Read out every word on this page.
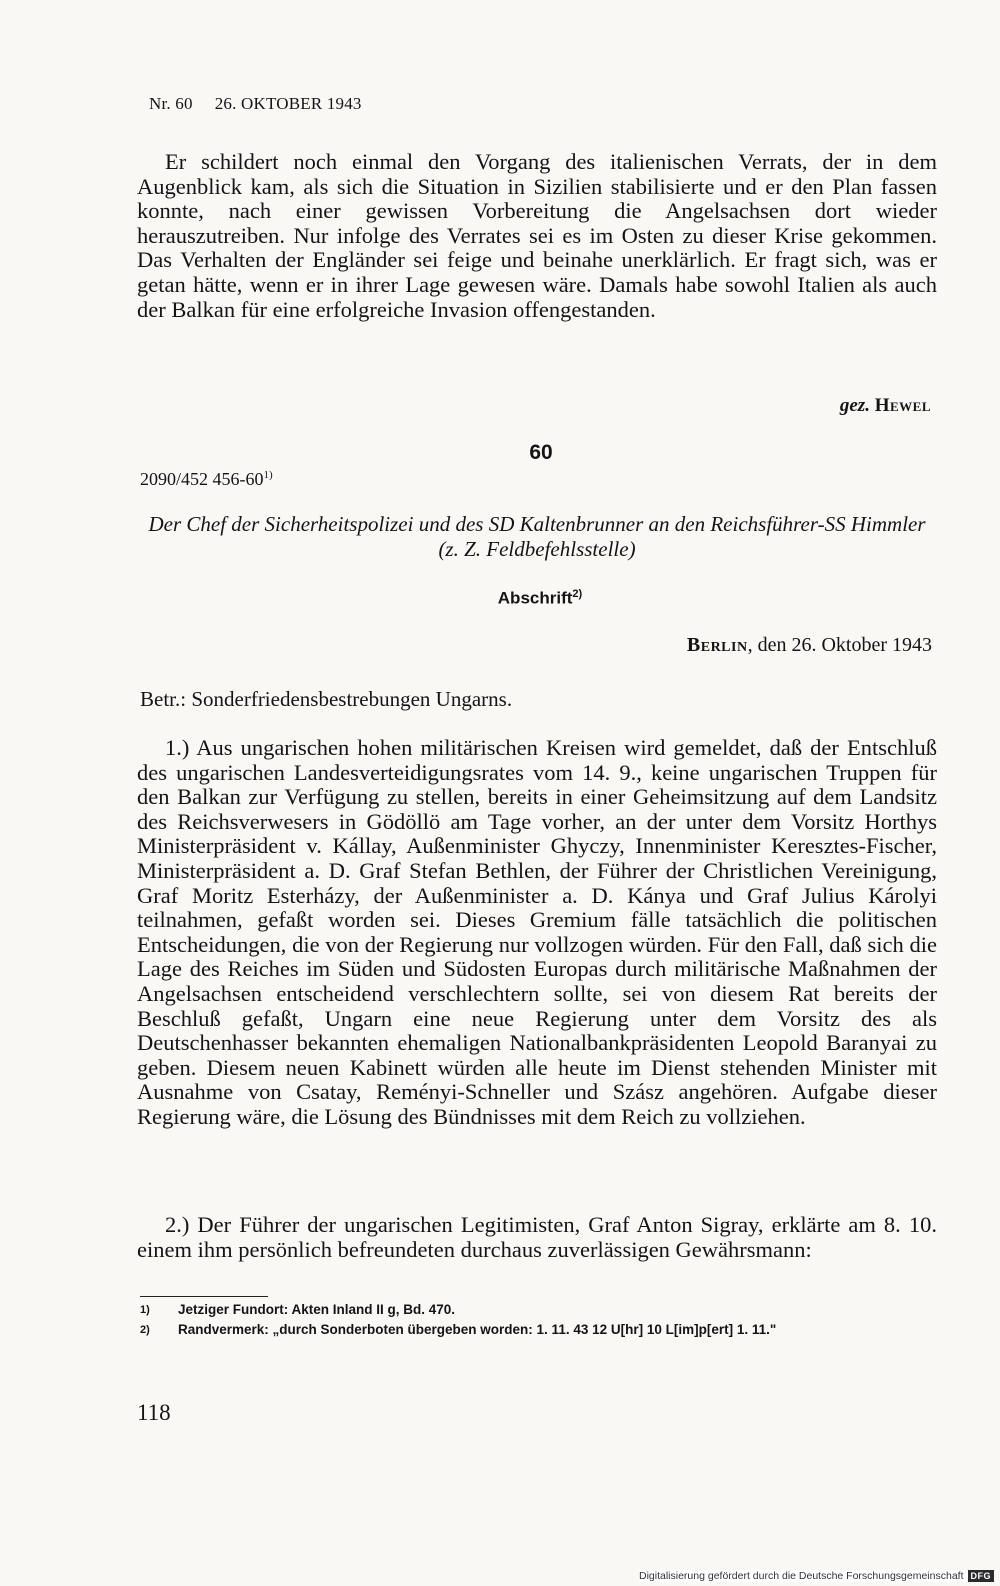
Nr. 60 26. OKTOBER 1943
Er schildert noch einmal den Vorgang des italienischen Verrats, der in dem Augenblick kam, als sich die Situation in Sizilien stabilisierte und er den Plan fassen konnte, nach einer gewissen Vorbereitung die Angelsachsen dort wieder herauszutreiben. Nur infolge des Verrates sei es im Osten zu dieser Krise gekommen. Das Verhalten der Engländer sei feige und beinahe unerklärlich. Er fragt sich, was er getan hätte, wenn er in ihrer Lage gewesen wäre. Damals habe sowohl Italien als auch der Balkan für eine erfolgreiche Invasion offengestanden.
gez. Hewel
60
2090/452 456-60$^{1)}$
Der Chef der Sicherheitspolizei und des SD Kaltenbrunner an den Reichsführer-SS Himmler (z. Z. Feldbefehlsstelle)
Abschrift$^{2)}$
Berlin, den 26. Oktober 1943
Betr.: Sonderfriedensbestrebungen Ungarns.
1.) Aus ungarischen hohen militärischen Kreisen wird gemeldet, daß der Entschluß des ungarischen Landesverteidigungsrates vom 14. 9., keine ungarischen Truppen für den Balkan zur Verfügung zu stellen, bereits in einer Geheimsitzung auf dem Landsitz des Reichsverwesers in Gödöllö am Tage vorher, an der unter dem Vorsitz Horthys Ministerpräsident v. Kállay, Außenminister Ghyczy, Innenminister Keresztes-Fischer, Ministerpräsident a. D. Graf Stefan Bethlen, der Führer der Christlichen Vereinigung, Graf Moritz Esterházy, der Außenminister a. D. Kánya und Graf Julius Károlyi teilnahmen, gefaßt worden sei. Dieses Gremium fälle tatsächlich die politischen Entscheidungen, die von der Regierung nur vollzogen würden. Für den Fall, daß sich die Lage des Reiches im Süden und Südosten Europas durch militärische Maßnahmen der Angelsachsen entscheidend verschlechtern sollte, sei von diesem Rat bereits der Beschluß gefaßt, Ungarn eine neue Regierung unter dem Vorsitz des als Deutschenhasser bekannten ehemaligen Nationalbankpräsidenten Leopold Baranyai zu geben. Diesem neuen Kabinett würden alle heute im Dienst stehenden Minister mit Ausnahme von Csatay, Reményi-Schneller und Szász angehören. Aufgabe dieser Regierung wäre, die Lösung des Bündnisses mit dem Reich zu vollziehen.
2.) Der Führer der ungarischen Legitimisten, Graf Anton Sigray, erklärte am 8. 10. einem ihm persönlich befreundeten durchaus zuverlässigen Gewährsmann:
1) Jetziger Fundort: Akten Inland II g, Bd. 470.
2) Randvermerk: „durch Sonderboten übergeben worden: 1. 11. 43 12 U[hr] 10 L[im]p[ert] 1. 11."
118
Digitalisierung gefördert durch die Deutsche Forschungsgemeinschaft DFG
